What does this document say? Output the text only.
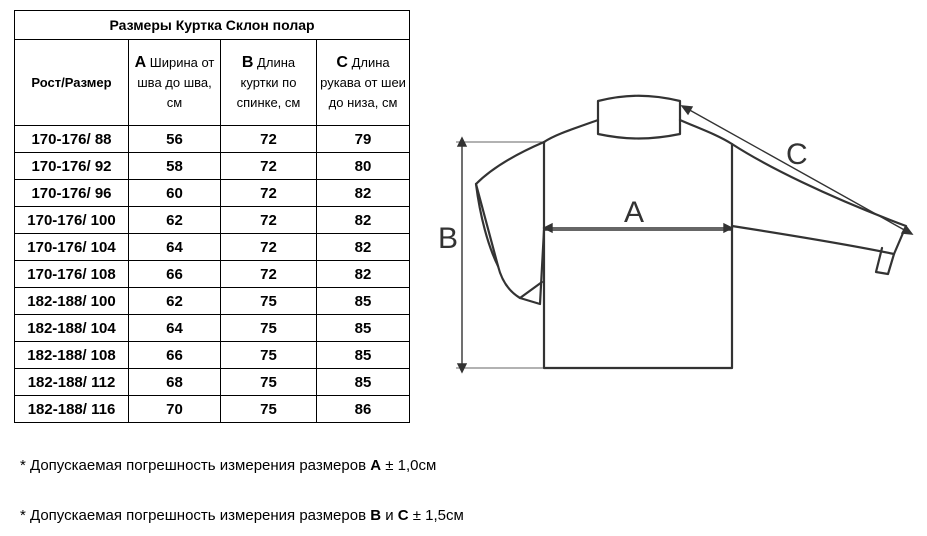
Размеры Куртка Склон полар			
Рост/Размер	А Ширина от шва до шва, см	В Длина куртки по спинке, см	С Длина рукава от шеи до низа, см
170-176/ 88	56	72	79
170-176/ 92	58	72	80
170-176/ 96	60	72	82
170-176/ 100	62	72	82
170-176/ 104	64	72	82
170-176/ 108	66	72	82
182-188/ 100	62	75	85
182-188/ 104	64	75	85
182-188/ 108	66	75	85
182-188/ 112	68	75	85
182-188/ 116	70	75	86
A
B
C
* Допускаемая погрешность измерения размеров А ± 1,0см
* Допускаемая погрешность измерения размеров В и С ± 1,5см
